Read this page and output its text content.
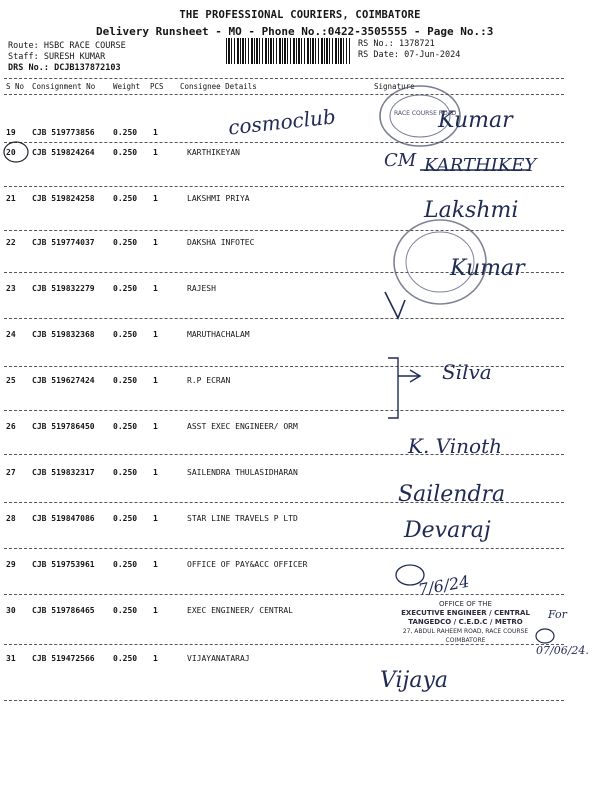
THE PROFESSIONAL COURIERS, COIMBATORE
Delivery Runsheet - MO - Phone No.:0422-3505555 - Page No.:3
Route: HSBC RACE COURSE
Staff: SURESH KUMAR
DRS No.: DCJB137872103
RS No.: 1378721
RS Date: 07-Jun-2024
S No Consignment No Weight PCS Consignee Details	Signature
19 CJB 519773856 0.250 1
20 CJB 519824264 0.250 1	KARTHIKEYAN
21 CJB 519824258 0.250 1	LAKSHMI PRIYA
22 CJB 519774037 0.250 1	DAKSHA INFOTEC
23 CJB 519832279 0.250 1	RAJESH
24 CJB 519832368 0.250 1	MARUTHACHALAM
25 CJB 519627424 0.250 1	R.P ECRAN
26 CJB 519786450 0.250 1	ASST EXEC ENGINEER/ ORM
27 CJB 519832317 0.250 1	SAILENDRA THULASIDHARAN
28 CJB 519847086 0.250 1	STAR LINE TRAVELS P LTD
29 CJB 519753961 0.250 1	OFFICE OF PAY&ACC OFFICER
30 CJB 519786465 0.250 1	EXEC ENGINEER/ CENTRAL
31 CJB 519472566 0.250 1	VIJAYANATARAJ
cosmoclub	Kumar
RACE COURSE ROAD
CM KARTHIKEY
Lakshmi
Kumar
Silva
K. Vinoth
Sailendra
Devaraj
7/6/24
OFFICE OF THE
EXECUTIVE ENGINEER / CENTRAL
TANGEDCO / C.E.D.C / METRO
27, ABDUL RAHEEM ROAD, RACE COURSE
COIMBATORE
For
07/06/24.
Vijaya
